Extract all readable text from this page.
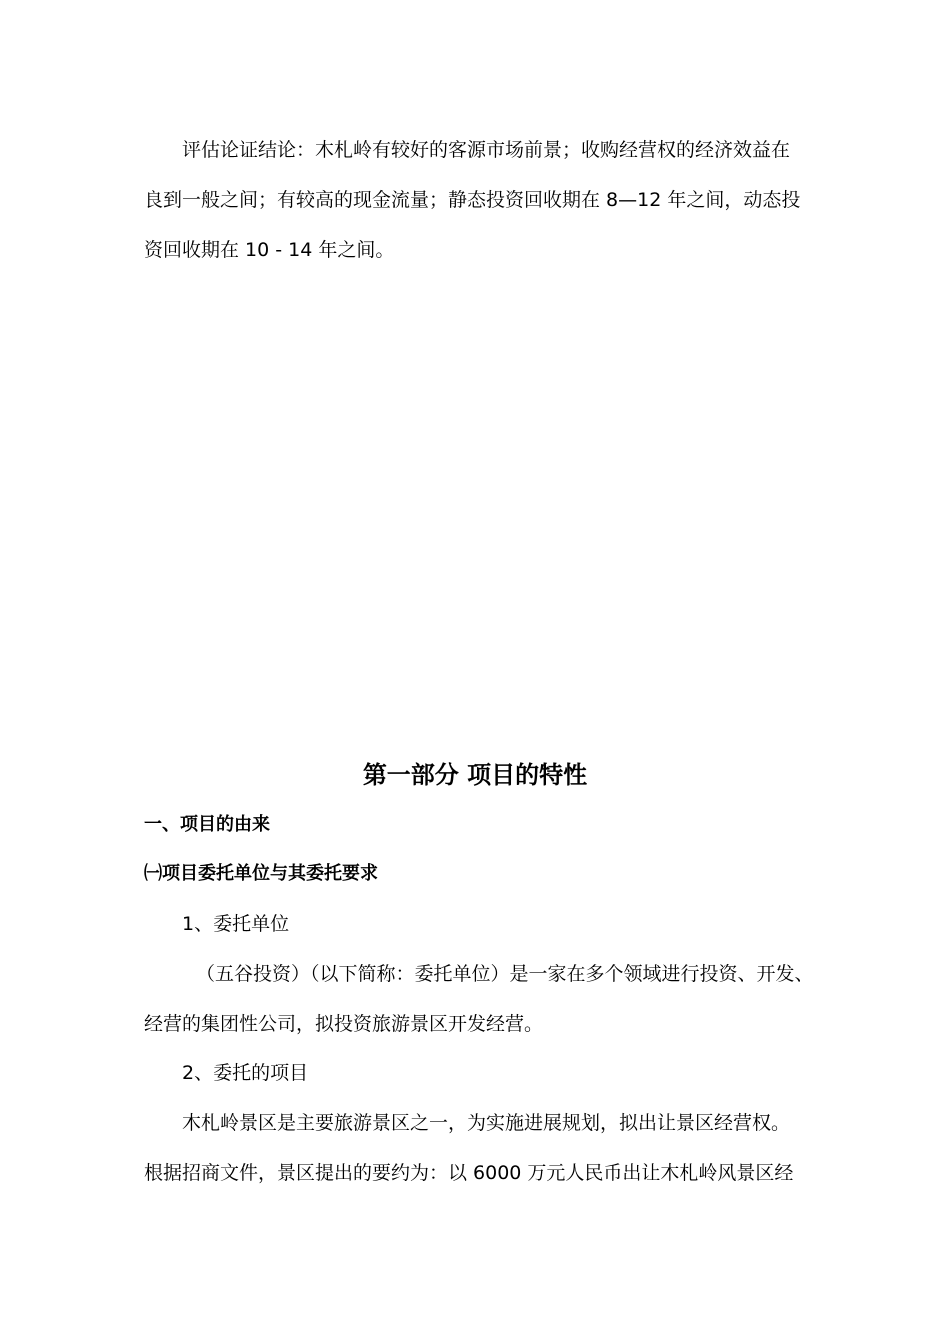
评估论证结论：木札岭有较好的客源市场前景；收购经营权的经济效益在
良到一般之间；有较高的现金流量；静态投资回收期在 8—12 年之间，动态投
资回收期在 10 - 14 年之间。
第一部分 项目的特性
一、项目的由来
㈠项目委托单位与其委托要求
1、委托单位
（五谷投资）（以下简称：委托单位）是一家在多个领域进行投资、开发、
经营的集团性公司，拟投资旅游景区开发经营。
2、委托的项目
木札岭景区是主要旅游景区之一，为实施进展规划，拟出让景区经营权。
根据招商文件，景区提出的要约为：以 6000 万元人民币出让木札岭风景区经
